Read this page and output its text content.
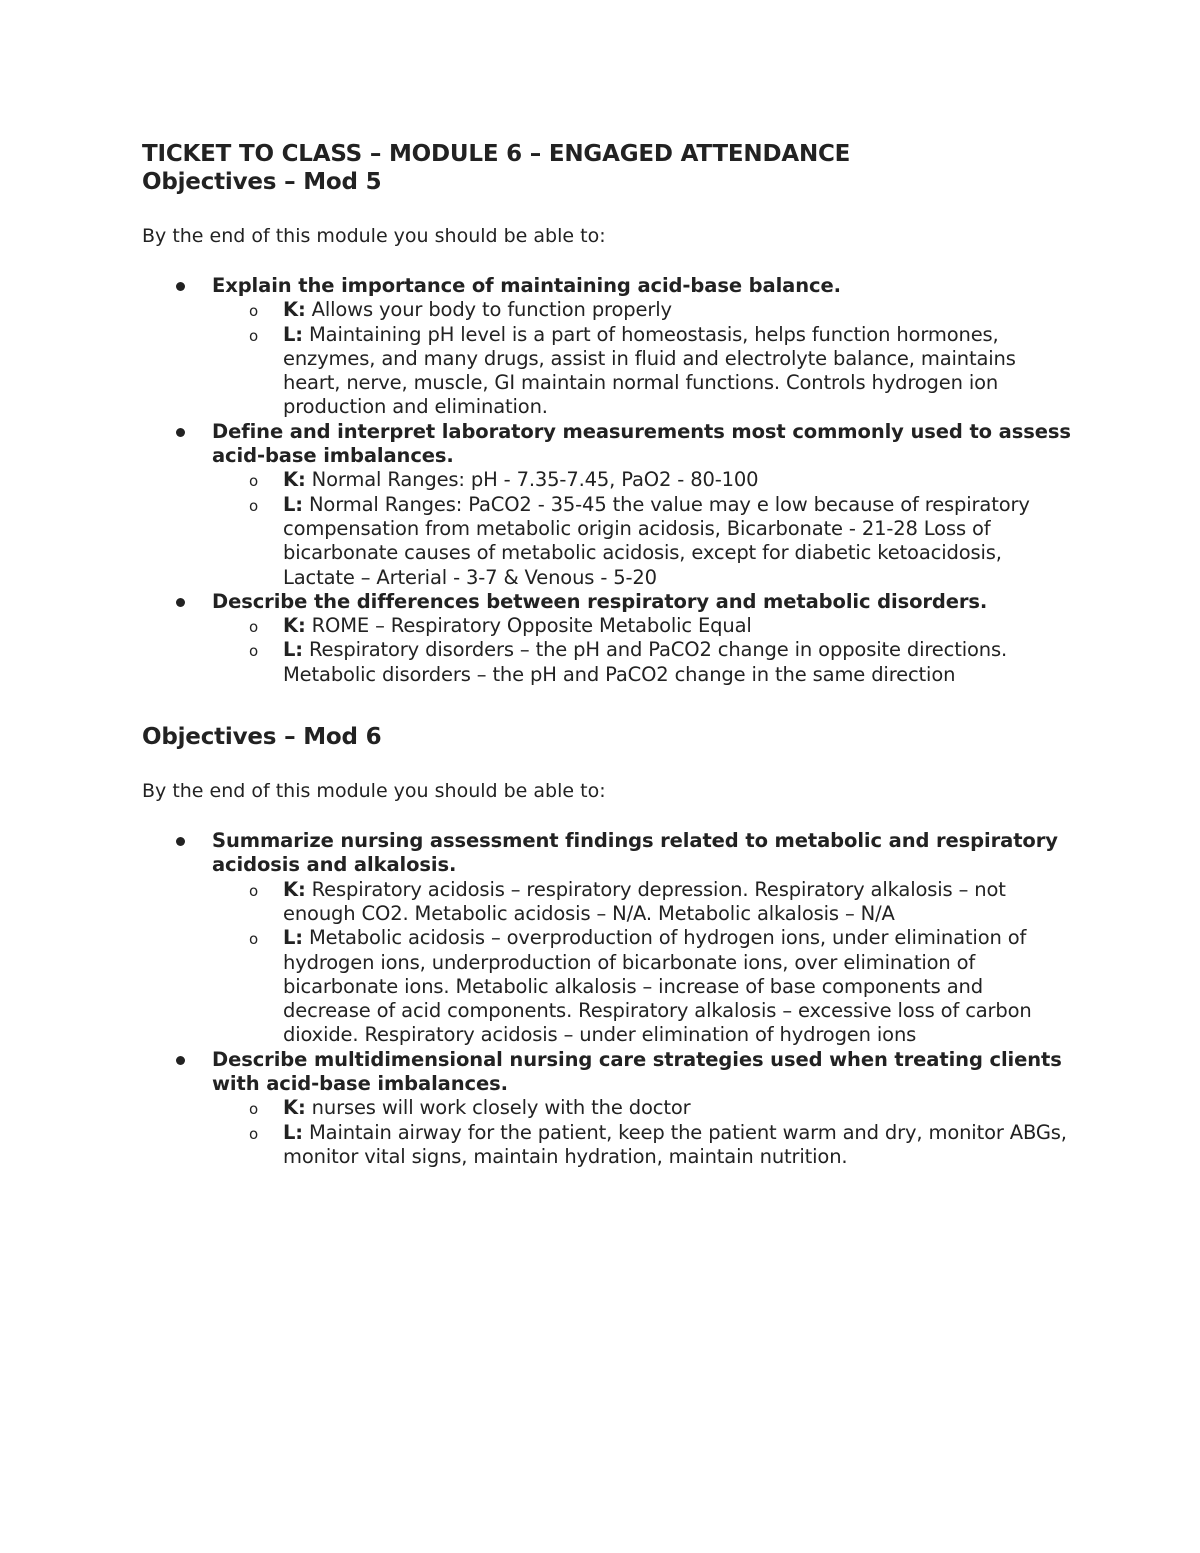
TICKET TO CLASS – MODULE 6 – ENGAGED ATTENDANCE
Objectives – Mod 5

By the end of this module you should be able to:

Explain the importance of maintaining acid-base balance.
o K: Allows your body to function properly
o L: Maintaining pH level is a part of homeostasis, helps function hormones, enzymes, and many drugs, assist in fluid and electrolyte balance, maintains heart, nerve, muscle, GI maintain normal functions. Controls hydrogen ion production and elimination.
Define and interpret laboratory measurements most commonly used to assess acid-base imbalances.
o K: Normal Ranges: pH - 7.35-7.45, PaO2 - 80-100
o L: Normal Ranges: PaCO2 - 35-45 the value may e low because of respiratory compensation from metabolic origin acidosis, Bicarbonate - 21-28 Loss of bicarbonate causes of metabolic acidosis, except for diabetic ketoacidosis, Lactate – Arterial - 3-7 & Venous - 5-20
Describe the differences between respiratory and metabolic disorders.
o K: ROME – Respiratory Opposite Metabolic Equal
o L: Respiratory disorders – the pH and PaCO2 change in opposite directions. Metabolic disorders – the pH and PaCO2 change in the same direction
Objectives – Mod 6

By the end of this module you should be able to:

Summarize nursing assessment findings related to metabolic and respiratory acidosis and alkalosis.
o K: Respiratory acidosis – respiratory depression. Respiratory alkalosis – not enough CO2. Metabolic acidosis – N/A. Metabolic alkalosis – N/A
o L: Metabolic acidosis – overproduction of hydrogen ions, under elimination of hydrogen ions, underproduction of bicarbonate ions, over elimination of bicarbonate ions. Metabolic alkalosis – increase of base components and decrease of acid components. Respiratory alkalosis – excessive loss of carbon dioxide. Respiratory acidosis – under elimination of hydrogen ions
Describe multidimensional nursing care strategies used when treating clients with acid-base imbalances.
o K: nurses will work closely with the doctor
o L: Maintain airway for the patient, keep the patient warm and dry, monitor ABGs, monitor vital signs, maintain hydration, maintain nutrition.
